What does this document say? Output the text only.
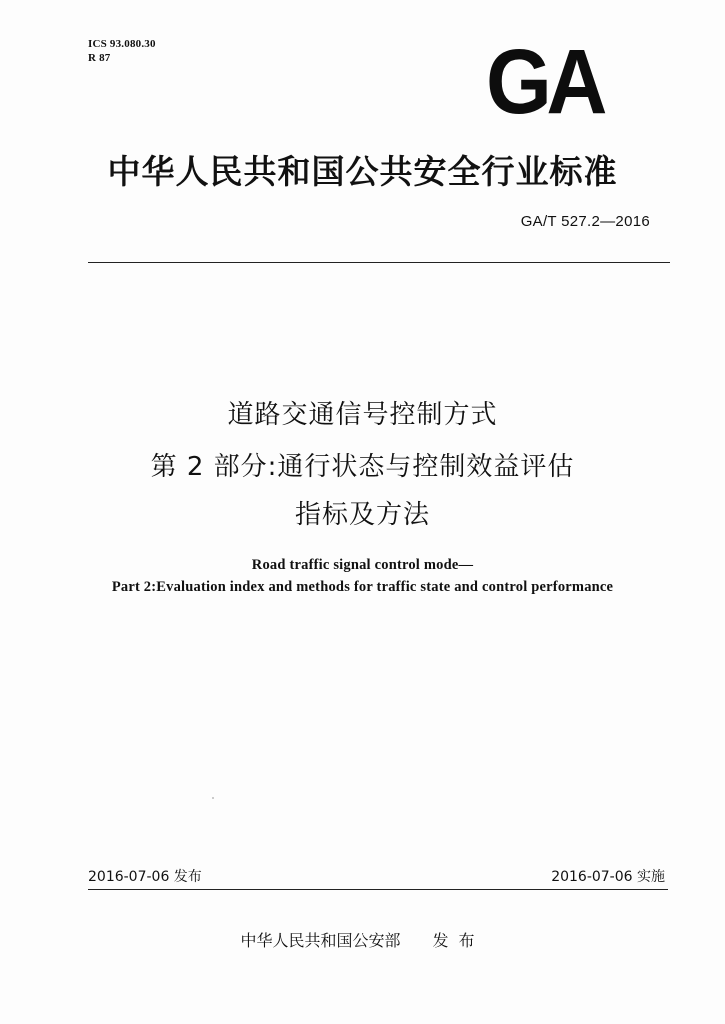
ICS 93.080.30
R 87	GA
中华人民共和国公共安全行业标准
GA/T 527.2—2016
道路交通信号控制方式
第 2 部分:通行状态与控制效益评估
指标及方法
Road traffic signal control mode—
Part 2:Evaluation index and methods for traffic state and control performance
2016-07-06 发布	2016-07-06 实施
中华人民共和国公安部 发布
